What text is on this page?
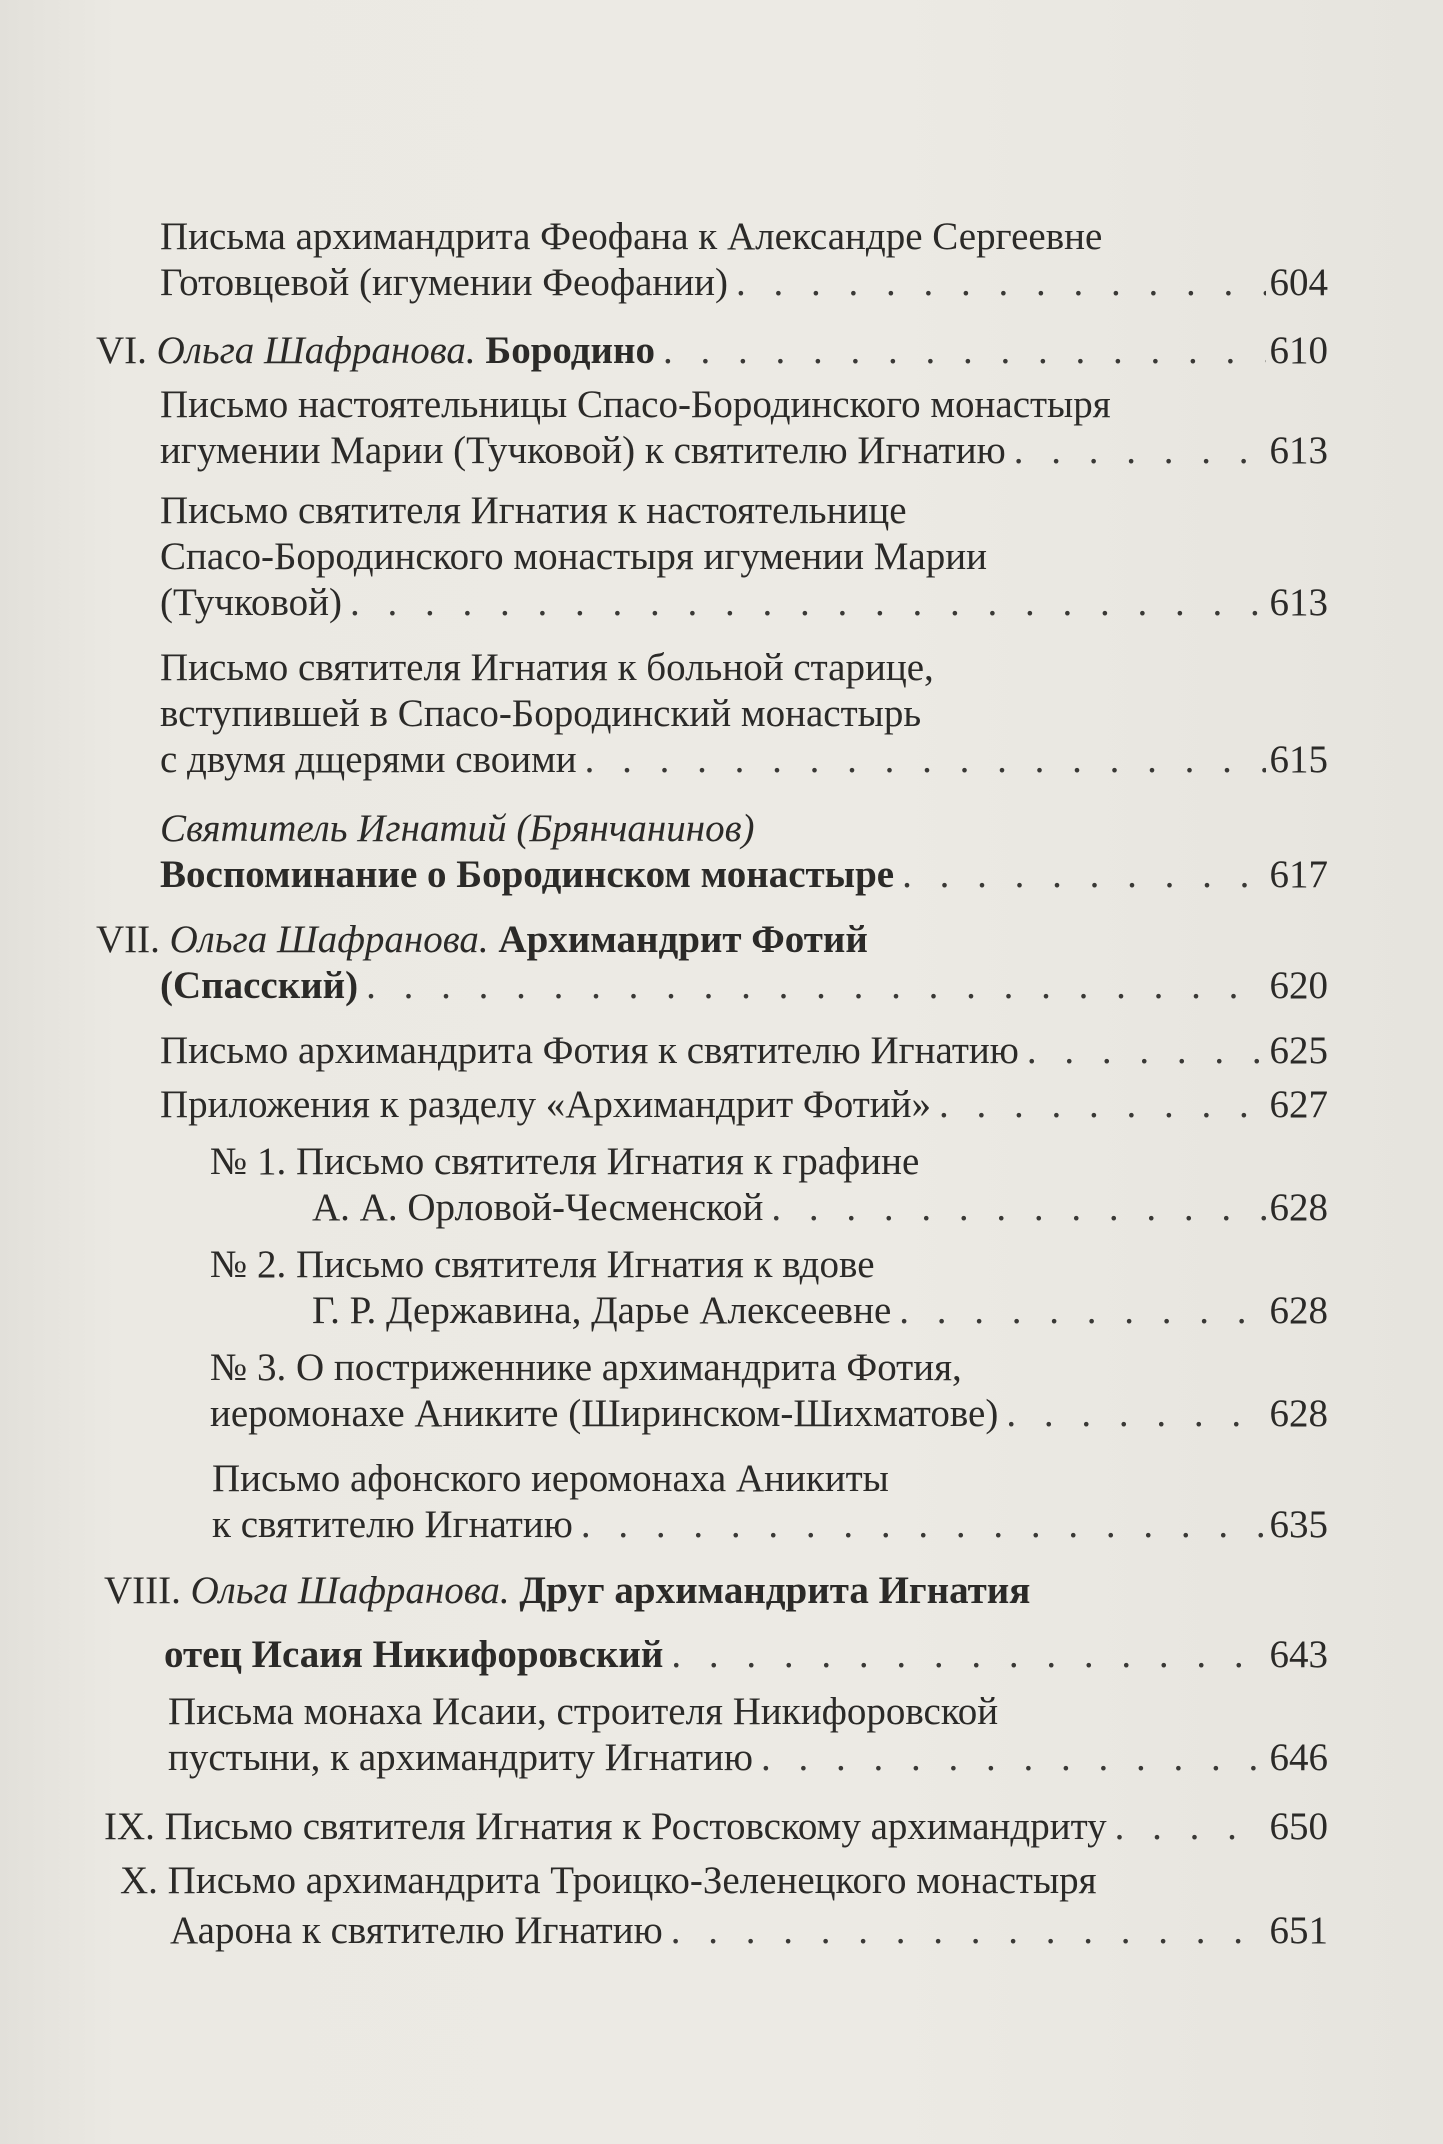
Письма архимандрита Феофана к Александре Сергеевне
Готовцевой (игумении Феофании) . . .	604
VI. Ольга Шафранова. Бородино . . .	610
Письмо настоятельницы Спасо-Бородинского монастыря
игумении Марии (Тучковой) к святителю Игнатию . . .	613
Письмо святителя Игнатия к настоятельнице
Спасо-Бородинского монастыря игумении Марии
(Тучковой) . . .	613
Письмо святителя Игнатия к больной старице,
вступившей в Спасо-Бородинский монастырь
с двумя дщерями своими . . .	615
Святитель Игнатий (Брянчанинов)
Воспоминание о Бородинском монастыре . . .	617
VII. Ольга Шафранова. Архимандрит Фотий
(Спасский) . . .	620
Письмо архимандрита Фотия к святителю Игнатию . . .	625
Приложения к разделу «Архимандрит Фотий» . . .	627
№ 1. Письмо святителя Игнатия к графине
А. А. Орловой-Чесменской . . .	628
№ 2. Письмо святителя Игнатия к вдове
Г. Р. Державина, Дарье Алексеевне . . .	628
№ 3. О постриженнике архимандрита Фотия,
иеромонахе Аниките (Ширинском-Шихматове) . . .	628
Письмо афонского иеромонаха Аникиты
к святителю Игнатию . . .	635
VIII. Ольга Шафранова. Друг архимандрита Игнатия
отец Исаия Никифоровский . . .	643
Письма монаха Исаии, строителя Никифоровской
пустыни, к архимандриту Игнатию . . .	646
IX. Письмо святителя Игнатия к Ростовскому архимандриту . . .	650
X. Письмо архимандрита Троицко-Зеленецкого монастыря
Аарона к святителю Игнатию . . .	651
